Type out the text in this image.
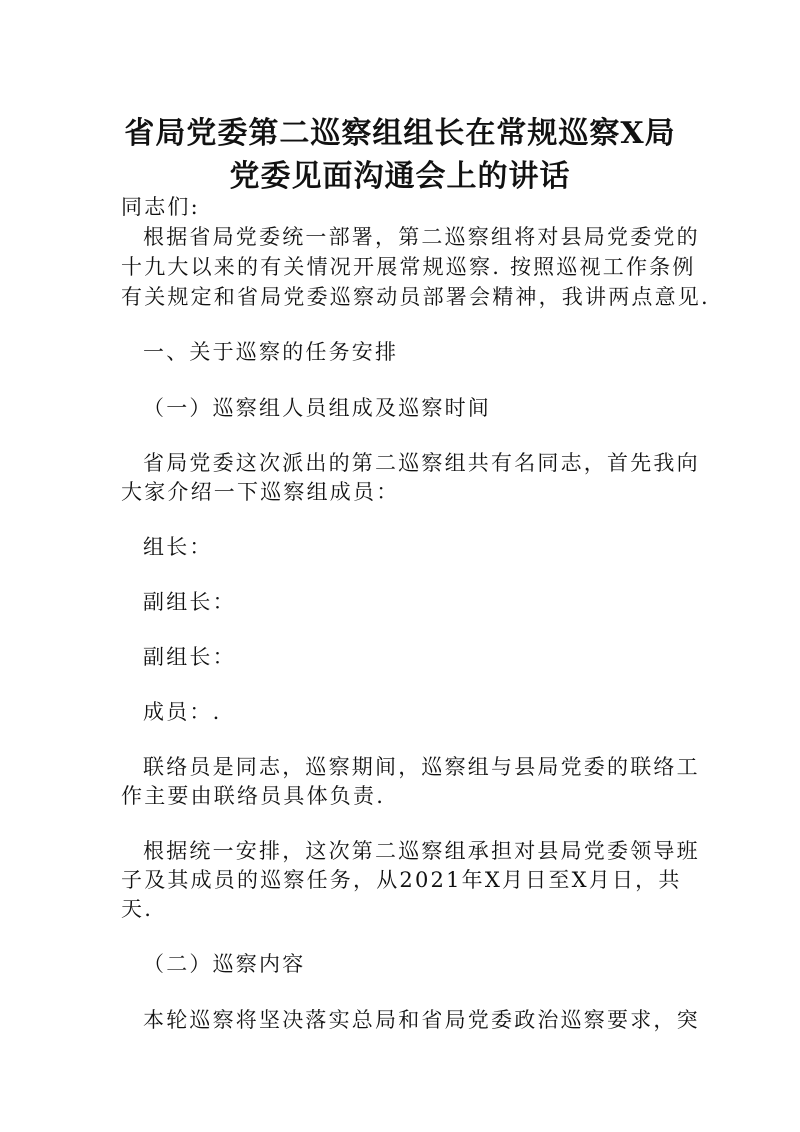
省局党委第二巡察组组长在常规巡察X局
党委见面沟通会上的讲话
同志们:
根据省局党委统一部署，第二巡察组将对县局党委党的
十九大以来的有关情况开展常规巡察. 按照巡视工作条例
有关规定和省局党委巡察动员部署会精神，我讲两点意见.
一、关于巡察的任务安排
（一）巡察组人员组成及巡察时间
省局党委这次派出的第二巡察组共有名同志，首先我向
大家介绍一下巡察组成员：
组长：
副组长：
副组长：
成员：.
联络员是同志，巡察期间，巡察组与县局党委的联络工
作主要由联络员具体负责.
根据统一安排，这次第二巡察组承担对县局党委领导班
子及其成员的巡察任务，从2021年X月日至X月日，共
天.
（二）巡察内容
本轮巡察将坚决落实总局和省局党委政治巡察要求，突
